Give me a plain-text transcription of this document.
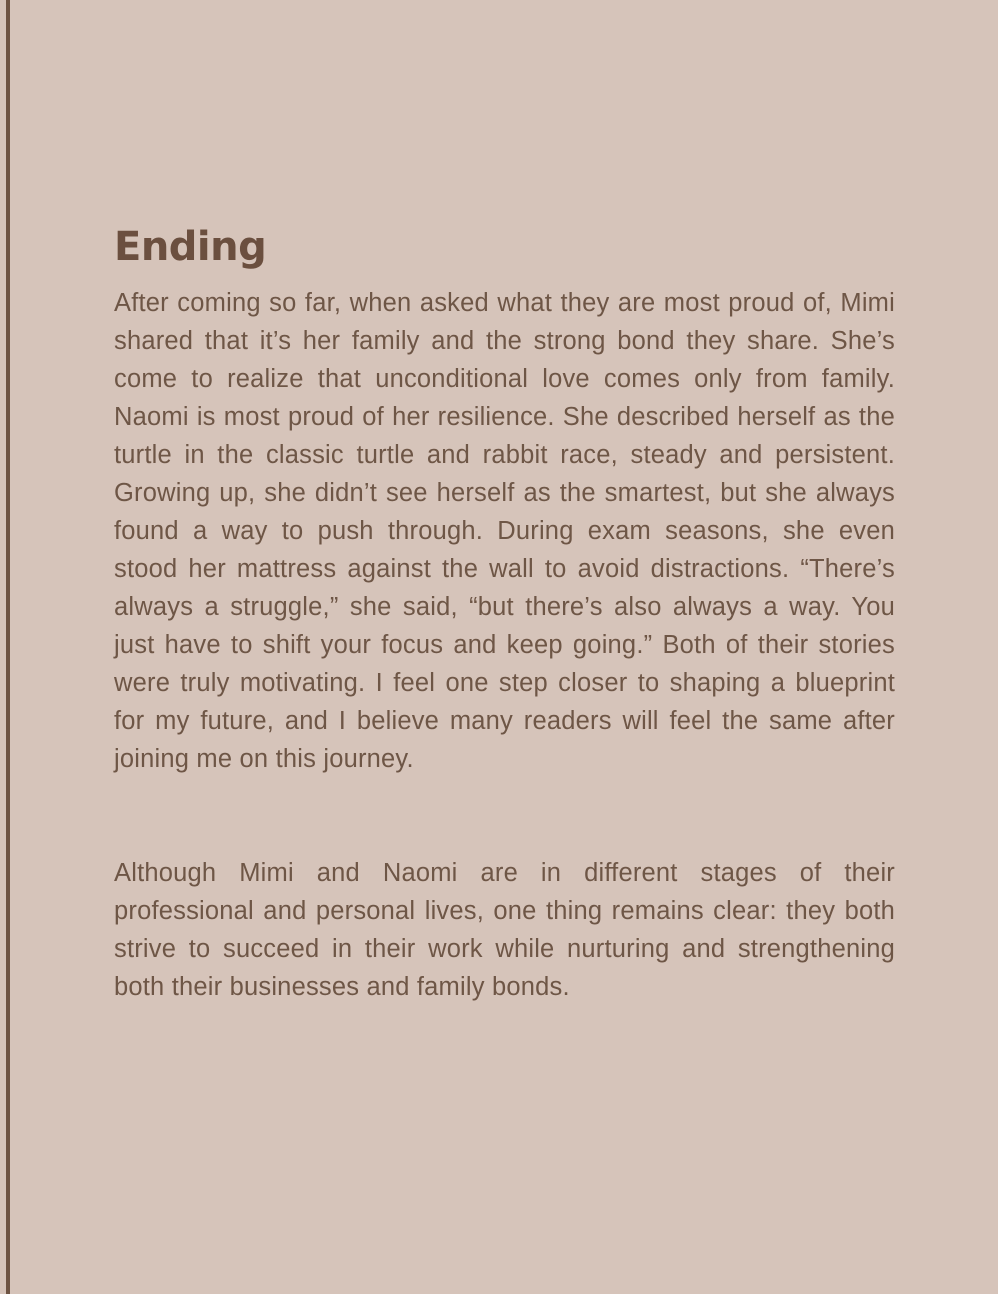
Ending

After coming so far, when asked what they are most proud of, Mimi shared that it’s her family and the strong bond they share. She’s come to realize that unconditional love comes only from family. Naomi is most proud of her resilience. She described herself as the turtle in the classic turtle and rabbit race, steady and persistent. Growing up, she didn’t see herself as the smartest, but she always found a way to push through. During exam seasons, she even stood her mattress against the wall to avoid distractions. “There’s always a struggle,” she said, “but there’s also always a way. You just have to shift your focus and keep going.” Both of their stories were truly motivating. I feel one step closer to shaping a blueprint for my future, and I believe many readers will feel the same after joining me on this journey.

Although Mimi and Naomi are in different stages of their professional and personal lives, one thing remains clear: they both strive to succeed in their work while nurturing and strengthening both their businesses and family bonds.
